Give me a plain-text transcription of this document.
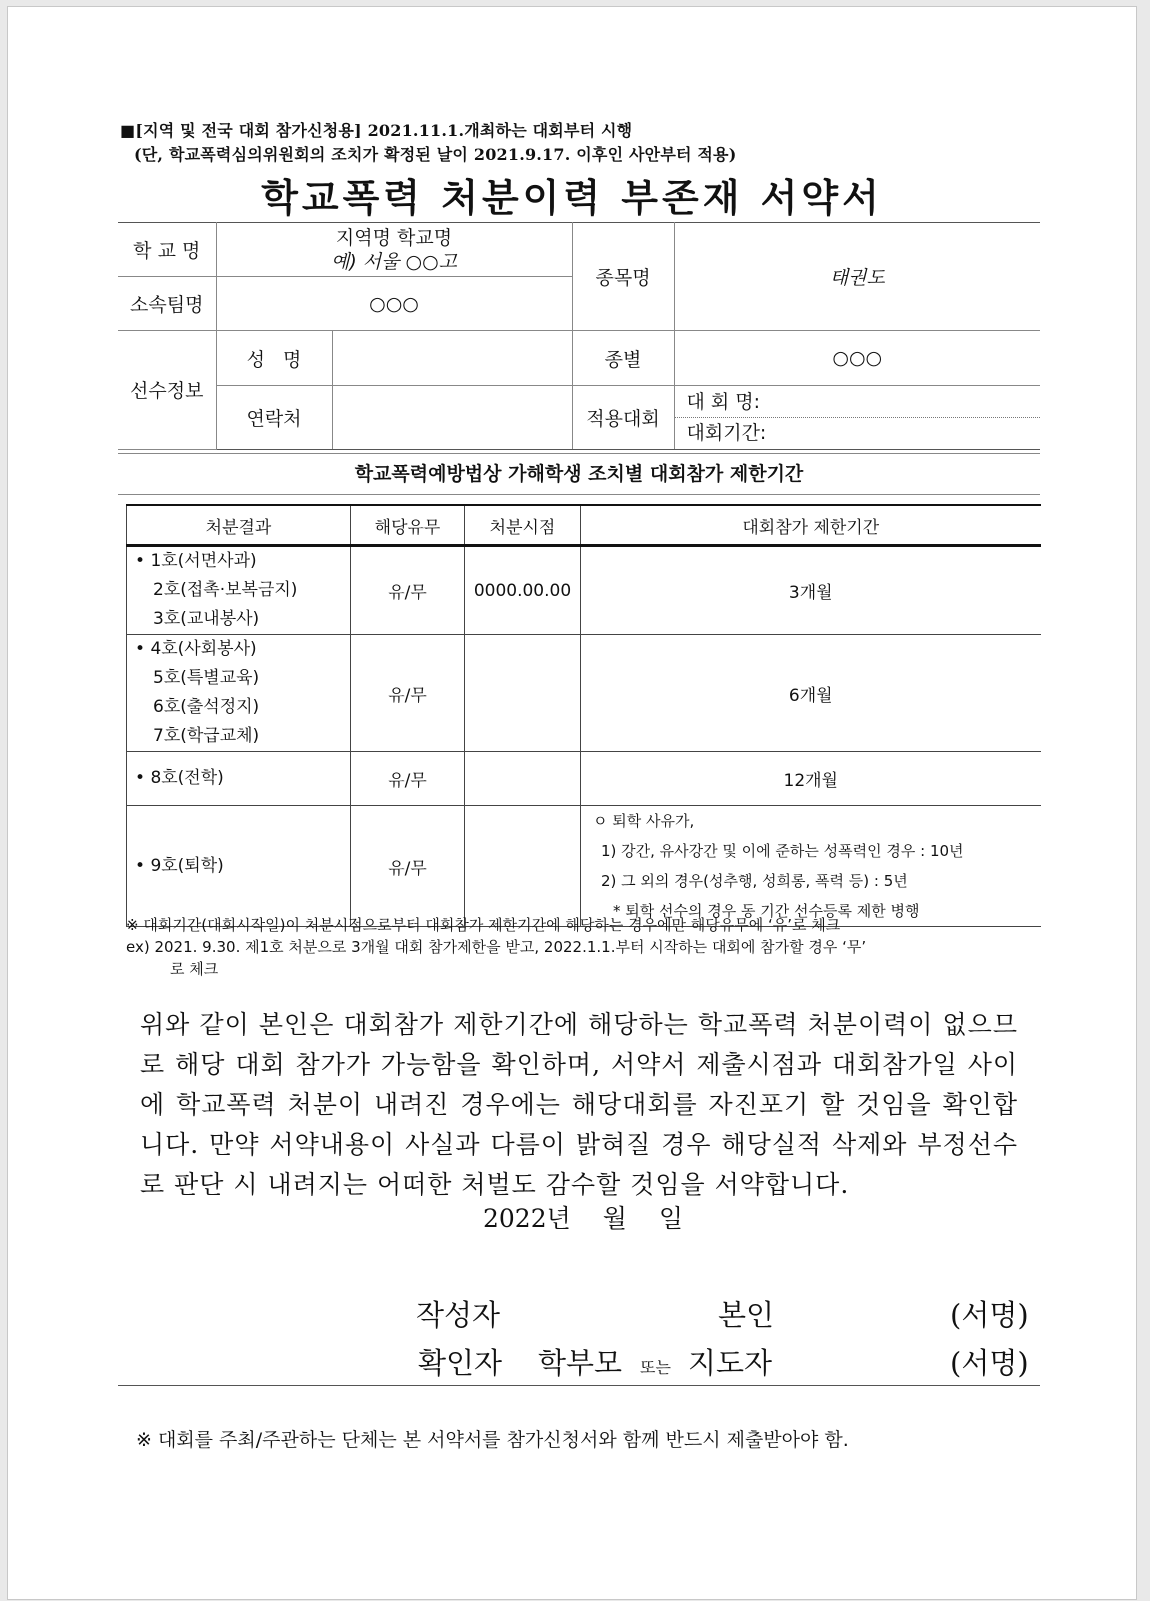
■[지역 및 전국 대회 참가신청용] 2021.11.1.개최하는 대회부터 시행
(단, 학교폭력심의위원회의 조치가 확정된 날이 2021.9.17. 이후인 사안부터 적용)
학교폭력 처분이력 부존재 서약서
학 교 명	지역명 학교명
예) 서울 ○○고		종목명	태권도
소속팀명	○○○			
선수정보	성   명		종별	○○○
	연락처		적용대회	대 회 명:
대회기간:
학교폭력예방법상 가해학생 조치별 대회참가 제한기간
처분결과	해당유무	처분시점	대회참가 제한기간
• 1호(서면사과)
2호(접촉·보복금지)
3호(교내봉사)	유/무	0000.00.00	3개월
• 4호(사회봉사)
5호(특별교육)
6호(출석정지)
7호(학급교체)	유/무		6개월
• 8호(전학)	유/무		12개월
• 9호(퇴학)	유/무		ㅇ 퇴학 사유가,
1) 강간, 유사강간 및 이에 준하는 성폭력인 경우 : 10년
2) 그 외의 경우(성추행, 성희롱, 폭력 등) : 5년
* 퇴학 선수의 경우 동 기간 선수등록 제한 병행
※ 대회기간(대회시작일)이 처분시점으로부터 대회참가 제한기간에 해당하는 경우에만 해당유무에 ‘유’로 체크
ex) 2021. 9.30. 제1호 처분으로 3개월 대회 참가제한을 받고, 2022.1.1.부터 시작하는 대회에 참가할 경우 ‘무’
로 체크
위와 같이 본인은 대회참가 제한기간에 해당하는 학교폭력 처분이력이 없으므로 해당 대회 참가가 가능함을 확인하며, 서약서 제출시점과 대회참가일 사이에 학교폭력 처분이 내려진 경우에는 해당대회를 자진포기 할 것임을 확인합니다. 만약 서약내용이 사실과 다름이 밝혀질 경우 해당실적 삭제와 부정선수로 판단 시 내려지는 어떠한 처벌도 감수할 것임을 서약합니다.
2022년 월 일
작성자	본인	(서명)
확인자 학부모 또는 지도자	(서명)
※ 대회를 주최/주관하는 단체는 본 서약서를 참가신청서와 함께 반드시 제출받아야 함.
